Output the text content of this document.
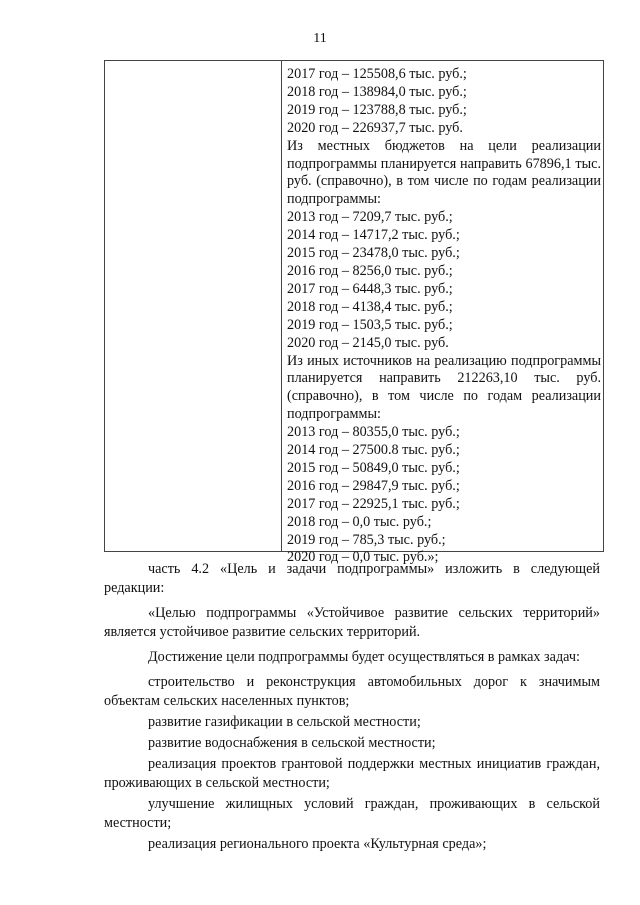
11
2017 год – 125508,6 тыс. руб.;
2018 год – 138984,0 тыс. руб.;
2019 год – 123788,8 тыс. руб.;
2020 год – 226937,7 тыс. руб.
Из местных бюджетов на цели реализации подпрограммы планируется направить 67896,1 тыс. руб. (справочно), в том числе по годам реализации подпрограммы:
2013 год – 7209,7 тыс. руб.;
2014 год – 14717,2 тыс. руб.;
2015 год – 23478,0 тыс. руб.;
2016 год – 8256,0 тыс. руб.;
2017 год – 6448,3 тыс. руб.;
2018 год – 4138,4 тыс. руб.;
2019 год – 1503,5 тыс. руб.;
2020 год – 2145,0 тыс. руб.
Из иных источников на реализацию подпрограммы планируется направить 212263,10 тыс. руб. (справочно), в том числе по годам реализации подпрограммы:
2013 год – 80355,0 тыс. руб.;
2014 год – 27500.8 тыс. руб.;
2015 год – 50849,0 тыс. руб.;
2016 год – 29847,9 тыс. руб.;
2017 год – 22925,1 тыс. руб.;
2018 год – 0,0 тыс. руб.;
2019 год – 785,3 тыс. руб.;
2020 год – 0,0 тыс. руб.»;

часть 4.2 «Цель и задачи подпрограммы» изложить в следующей редакции:

«Целью подпрограммы «Устойчивое развитие сельских территорий» является устойчивое развитие сельских территорий.

Достижение цели подпрограммы будет осуществляться в рамках задач:

строительство и реконструкция автомобильных дорог к значимым объектам сельских населенных пунктов;

развитие газификации в сельской местности;

развитие водоснабжения в сельской местности;

реализация проектов грантовой поддержки местных инициатив граждан, проживающих в сельской местности;

улучшение жилищных условий граждан, проживающих в сельской местности;

реализация регионального проекта «Культурная среда»;
